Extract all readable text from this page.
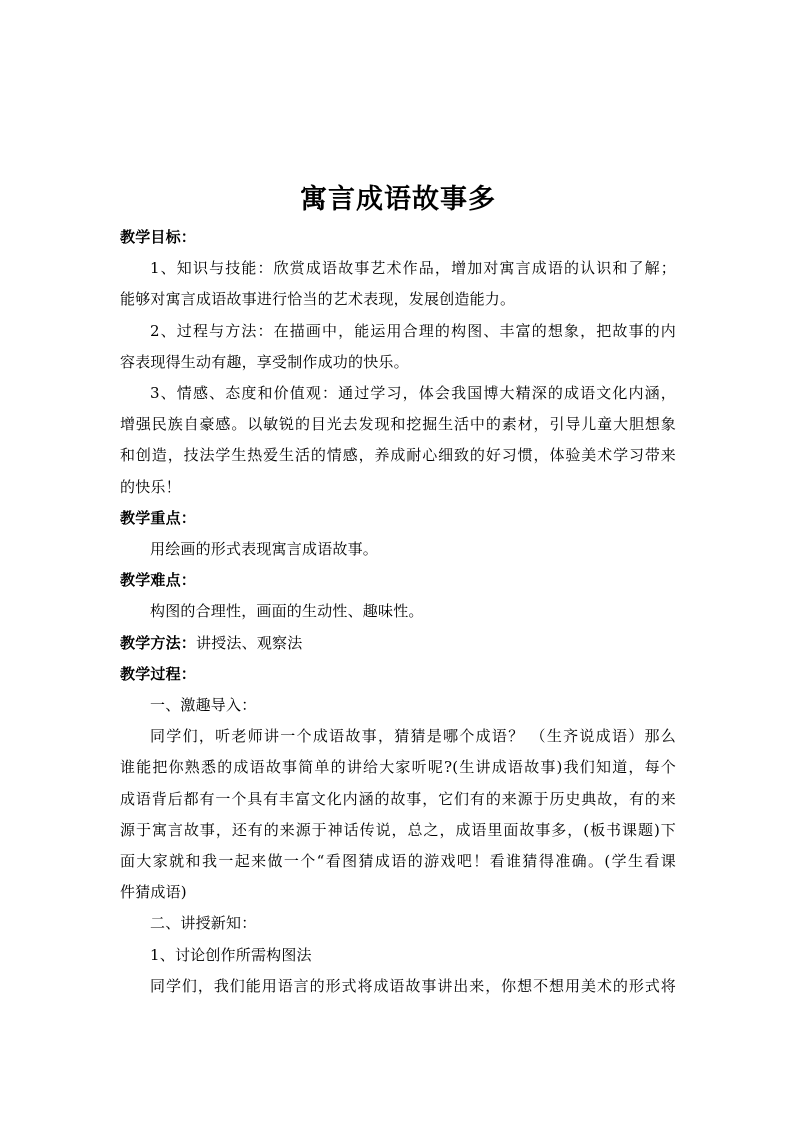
寓言成语故事多
教学目标：
1、知识与技能：欣赏成语故事艺术作品，增加对寓言成语的认识和了解；
能够对寓言成语故事进行恰当的艺术表现，发展创造能力。
2、过程与方法：在描画中，能运用合理的构图、丰富的想象，把故事的内
容表现得生动有趣，享受制作成功的快乐。
3、情感、态度和价值观：通过学习，体会我国博大精深的成语文化内涵，
增强民族自豪感。以敏锐的目光去发现和挖掘生活中的素材，引导儿童大胆想象
和创造，技法学生热爱生活的情感，养成耐心细致的好习惯，体验美术学习带来
的快乐！
教学重点：
用绘画的形式表现寓言成语故事。
教学难点：
构图的合理性，画面的生动性、趣味性。
教学方法：讲授法、观察法
教学过程：
一、激趣导入：
同学们，听老师讲一个成语故事，猜猜是哪个成语？ （生齐说成语）那么
谁能把你熟悉的成语故事简单的讲给大家听呢?(生讲成语故事)我们知道，每个
成语背后都有一个具有丰富文化内涵的故事，它们有的来源于历史典故，有的来
源于寓言故事，还有的来源于神话传说，总之，成语里面故事多，(板书课题)下
面大家就和我一起来做一个“看图猜成语的游戏吧！看谁猜得准确。(学生看课
件猜成语)
二、讲授新知：
1、讨论创作所需构图法
同学们，我们能用语言的形式将成语故事讲出来，你想不想用美术的形式将
